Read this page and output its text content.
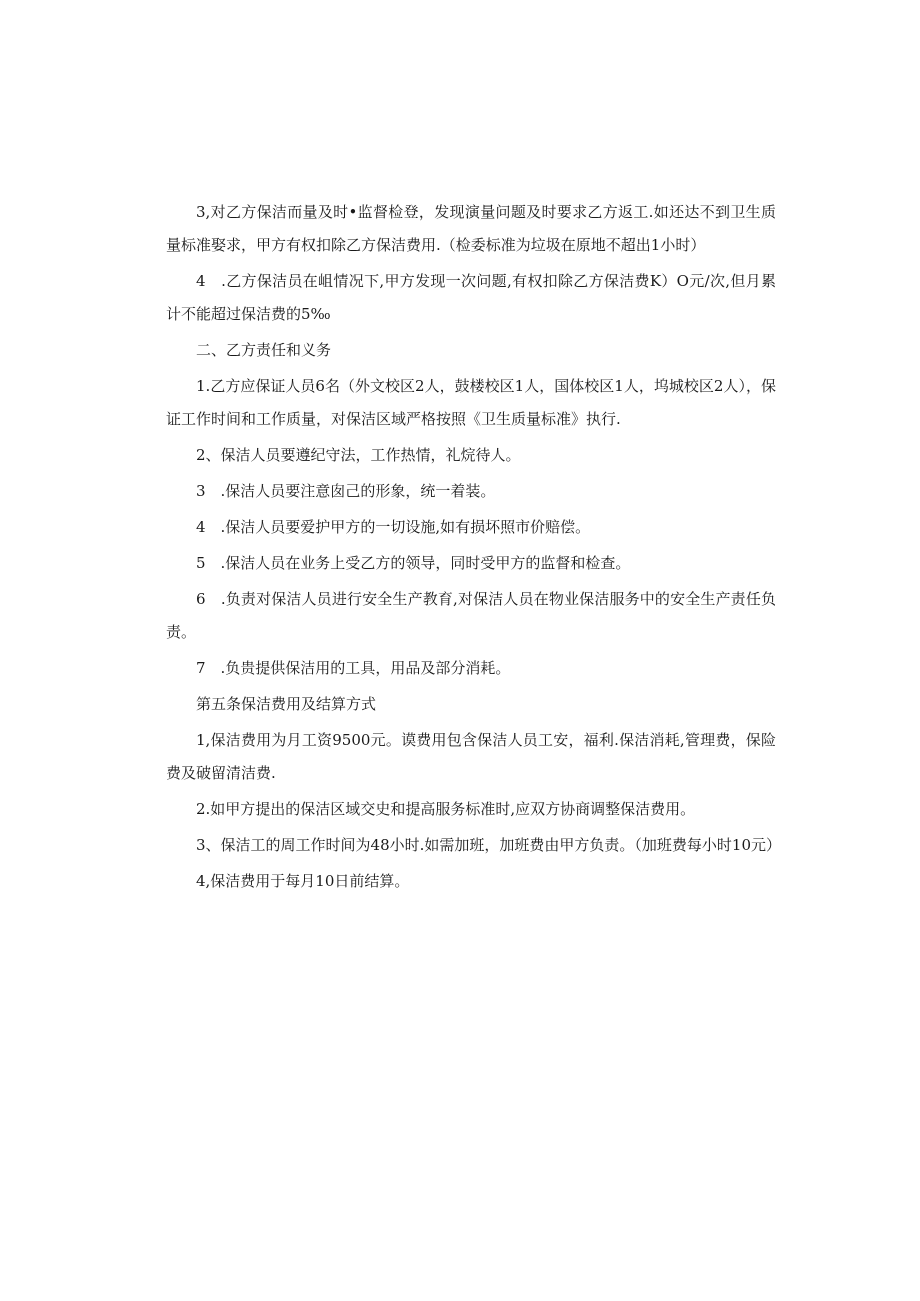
3,对乙方保洁而量及时•监督检登，发现演量问题及时要求乙方返工.如还达不到卫生质量标准娶求，甲方有权扣除乙方保洁费用.（检委标准为垃圾在原地不超出1小时）

4　.乙方保洁员在岨情况下,甲方发现一次问题,有权扣除乙方保洁费K）O元/次,但月累计不能超过保洁费的5‰

二、乙方责任和义务

1.乙方应保证人员6名（外文校区2人，鼓楼校区1人，国体校区1人，坞城校区2人），保证工作时间和工作质量，对保洁区域严格按照《卫生质量标准》执行.

2、保洁人员要遵纪守法，工作热情，礼烷待人。

3　.保洁人员要注意囱己的形象，统一着装。

4　.保洁人员要爱护甲方的一切设施,如有损坏照市价赔偿。

5　.保洁人员在业务上受乙方的领导，同时受甲方的监督和检查。

6　.负责对保洁人员进行安全生产教育,对保洁人员在物业保洁服务中的安全生产责任负责。

7　.负贵提供保洁用的工具，用品及部分消耗。

第五条保洁费用及结算方式

1,保洁费用为月工资9500元。谟费用包含保洁人员工安，福利.保洁消耗,管理费，保险费及破留清洁费.

2.如甲方提出的保洁区域交史和提高服务标准时,应双方协商调整保洁费用。

3、保洁工的周工作时间为48小时.如需加班，加班费由甲方负责。（加班费每小时10元）

4,保洁费用于每月10日前结算。
